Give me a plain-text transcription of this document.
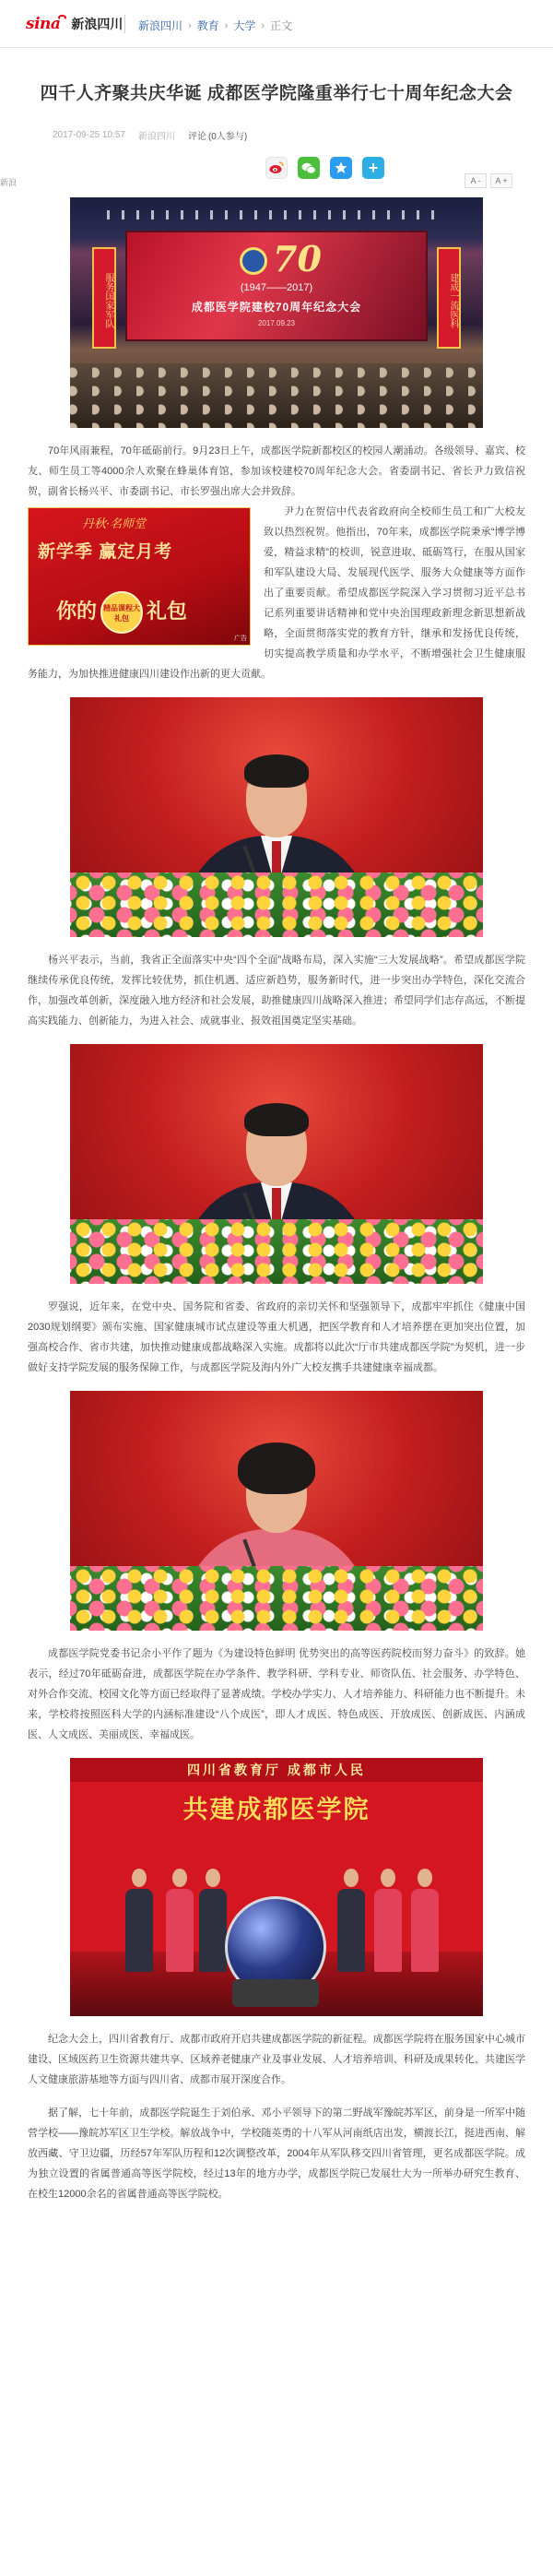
sina 新浪四川 新浪四川 › 教育 › 大学 › 正文
新浪
四千人齐聚共庆华诞 成都医学院隆重举行七十周年纪念大会
2017-09-25 10:57 新浪四川 评论 (0人参与)
+
A -	A +
70
(1947——2017)
成都医学院建校70周年纪念大会
2017.09.23
服务国家军队	建成一流医科

70年风雨兼程，70年砥砺前行。9月23日上午，成都医学院新都校区的校园人潮涌动。各级领导、嘉宾、校友、师生员工等4000余人欢聚在蜂巢体育馆，参加该校建校70周年纪念大会。省委副书记、省长尹力致信祝贺，副省长杨兴平、市委副书记、市长罗强出席大会并致辞。

丹秋·名师堂
新学季 赢定月考
你的 精品课程大礼包 礼包
广告

尹力在贺信中代表省政府向全校师生员工和广大校友致以热烈祝贺。他指出，70年来，成都医学院秉承“博学博爱，精益求精”的校训，锐意进取、砥砺笃行，在服从国家和军队建设大局、发展现代医学、服务大众健康等方面作出了重要贡献。希望成都医学院深入学习贯彻习近平总书记系列重要讲话精神和党中央治国理政新理念新思想新战略，全面贯彻落实党的教育方针，继承和发扬优良传统，切实提高教学质量和办学水平，不断增强社会卫生健康服务能力，为加快推进健康四川建设作出新的更大贡献。

杨兴平表示，当前，我省正全面落实中央“四个全面”战略布局，深入实施“三大发展战略”。希望成都医学院继续传承优良传统，发挥比较优势，抓住机遇、适应新趋势，服务新时代，进一步突出办学特色，深化交流合作，加强改革创新，深度融入地方经济和社会发展，助推健康四川战略深入推进；希望同学们志存高远，不断提高实践能力、创新能力，为进入社会、成就事业、报效祖国奠定坚实基础。

罗强说，近年来，在党中央、国务院和省委、省政府的亲切关怀和坚强领导下，成都牢牢抓住《健康中国2030规划纲要》颁布实施、国家健康城市试点建设等重大机遇，把医学教育和人才培养摆在更加突出位置，加强高校合作、省市共建，加快推动健康成都战略深入实施。成都将以此次“厅市共建成都医学院”为契机，进一步做好支持学院发展的服务保障工作，与成都医学院及海内外广大校友携手共建健康幸福成都。

成都医学院党委书记余小平作了题为《为建设特色鲜明 优势突出的高等医药院校而努力奋斗》的致辞。她表示，经过70年砥砺奋进，成都医学院在办学条件、教学科研、学科专业、师资队伍、社会服务、办学特色、对外合作交流、校园文化等方面已经取得了显著成绩。学校办学实力、人才培养能力、科研能力也不断提升。未来，学校将按照医科大学的内涵标准建设“八个成医”，即人才成医、特色成医、开放成医、创新成医、内涵成医、人文成医、美丽成医、幸福成医。

四川省教育厅 成都市人民
共建成都医学院

纪念大会上，四川省教育厅、成都市政府开启共建成都医学院的新征程。成都医学院将在服务国家中心城市建设、区域医药卫生资源共建共享、区域养老健康产业及事业发展、人才培养培训、科研及成果转化、共建医学人文健康旅游基地等方面与四川省、成都市展开深度合作。

据了解，七十年前，成都医学院诞生于刘伯承、邓小平领导下的第二野战军豫皖苏军区，前身是一所军中随营学校——豫皖苏军区卫生学校。解放战争中，学校随英勇的十八军从河南纸店出发，横渡长江，挺进西南、解放西藏、守卫边疆，历经57年军队历程和12次调整改革，2004年从军队移交四川省管理，更名成都医学院。成为独立设置的省属普通高等医学院校，经过13年的地方办学，成都医学院已发展壮大为一所举办研究生教育、在校生12000余名的省属普通高等医学院校。
